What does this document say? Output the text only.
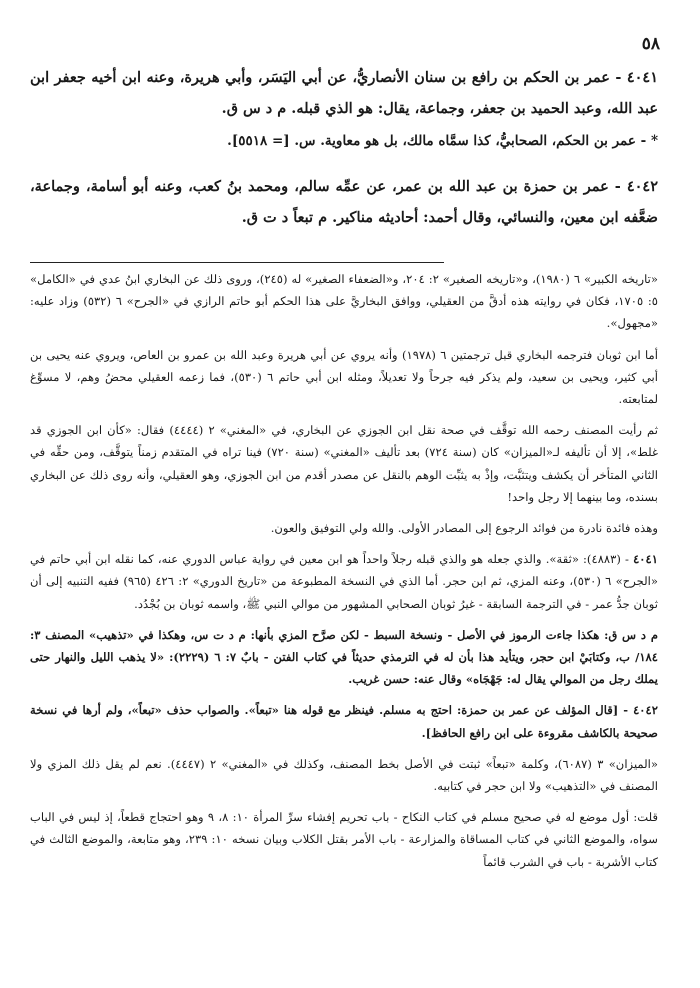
٥٨

٤٠٤١ - عمر بن الحكم بن رافع بن سنان الأنصاريُّ، عن أبي اليَسَر، وأبي هريرة، وعنه ابن أخيه جعفر ابن عبد الله، وعبد الحميد بن جعفر، وجماعة، يقال: هو الذي قبله. م د س ق.

* - عمر بن الحكم، الصحابيُّ، كذا سمَّاه مالك، بل هو معاوية. س. [= ٥٥١٨].

٤٠٤٢ - عمر بن حمزة بن عبد الله بن عمر، عن عمِّه سالم، ومحمد بنُ كعب، وعنه أبو أسامة، وجماعة، ضعَّفه ابن معين، والنسائي، وقال أحمد: أحاديثه مناكير. م تبعاً د ت ق.

«تاريخه الكبير» ٦ (١٩٨٠)، و«تاريخه الصغير» ٢: ٢٠٤، و«الضعفاء الصغير» له (٢٤٥)، وروى ذلك عن البخاري ابنُ عدي في «الكامل» ٥: ١٧٠٥، فكان في روايته هذه أدقَّ من العقيلي، ووافق البخاريَّ على هذا الحكم أبو حاتم الرازي في «الجرح» ٦ (٥٣٢) وزاد عليه: «مجهول».

أما ابن ثوبان فترجمه البخاري قبل ترجمتين ٦ (١٩٧٨) وأنه يروي عن أبي هريرة وعبد الله بن عمرو بن العاص، ويروي عنه يحيى بن أبي كثير، ويحيى بن سعيد، ولم يذكر فيه جرحاً ولا تعديلاً، ومثله ابن أبي حاتم ٦ (٥٣٠)، فما زعمه العقيلي محضُ وهم، لا مسوِّغ لمتابعته.

ثم رأيت المصنف رحمه الله توقَّف في صحة نقل ابن الجوزي عن البخاري، في «المغني» ٢ (٤٤٤٤) فقال: «كأن ابن الجوزي قد غلط»، إلا أن تأليفه لـ«الميزان» كان (سنة ٧٢٤) بعد تأليف «المغني» (سنة ٧٢٠) فينا تراه في المتقدم زمناً يتوقَّف، ومن حقِّه في الثاني المتأخر أن يكشف ويتثبَّت، وإذْ به يثبِّت الوهم بالنقل عن مصدر أقدم من ابن الجوزي، وهو العقيلي، وأنه روى ذلك عن البخاري بسنده، وما بينهما إلا رجل واحد!

وهذه فائدة نادرة من فوائد الرجوع إلى المصادر الأولى. والله ولي التوفيق والعون.

٤٠٤١ - (٤٨٨٣): «ثقة». والذي جعله هو والذي قبله رجلاً واحداً هو ابن معين في رواية عباس الدوري عنه، كما نقله ابن أبي حاتم في «الجرح» ٦ (٥٣٠)، وعنه المزي، ثم ابن حجر. أما الذي في النسخة المطبوعة من «تاريخ الدوري» ٢: ٤٢٦ (٩٦٥) ففيه التنبيه إلى أن ثوبان جدُّ عمر - في الترجمة السابقة - غيرُ ثوبان الصحابي المشهور من موالي النبي ﷺ، واسمه ثوبان بن بُجْدُد.

م د س ق: هكذا جاءت الرموز في الأصل - ونسخة السبط - لكن صرَّح المزي بأنها: م د ت س، وهكذا في «تذهيب» المصنف ٣: ١٨٤/ ب، وكتابَيْ ابن حجر، ويتأيد هذا بأن له في الترمذي حديثاً في كتاب الفتن - بابٌ ٧: ٦ (٢٢٢٩): «لا يذهب الليل والنهار حتى يملك رجل من الموالي يقال له: جَهْجَاه» وقال عنه: حسن غريب.

٤٠٤٢ - [قال المؤلف عن عمر بن حمزة: احتج به مسلم. فينظر مع قوله هنا «تبعاً». والصواب حذف «تبعاً»، ولم أرها في نسخة صحيحة بالكاشف مقروءة على ابن رافع الحافظ].

«الميزان» ٣ (٦٠٨٧)، وكلمة «تبعاً» ثبتت في الأصل بخط المصنف، وكذلك في «المغني» ٢ (٤٤٤٧). نعم لم يقل ذلك المزي ولا المصنف في «التذهيب» ولا ابن حجر في كتابيه.

قلت: أول موضع له في صحيح مسلم في كتاب النكاح - باب تحريم إفشاء سرِّ المرأة ١٠: ٨، ٩ وهو احتجاج قطعاً، إذ ليس في الباب سواه، والموضع الثاني في كتاب المساقاة والمزارعة - باب الأمر بقتل الكلاب وبيان نسخه ١٠: ٢٣٩، وهو متابعة، والموضع الثالث في كتاب الأشربة - باب في الشرب قائماً
